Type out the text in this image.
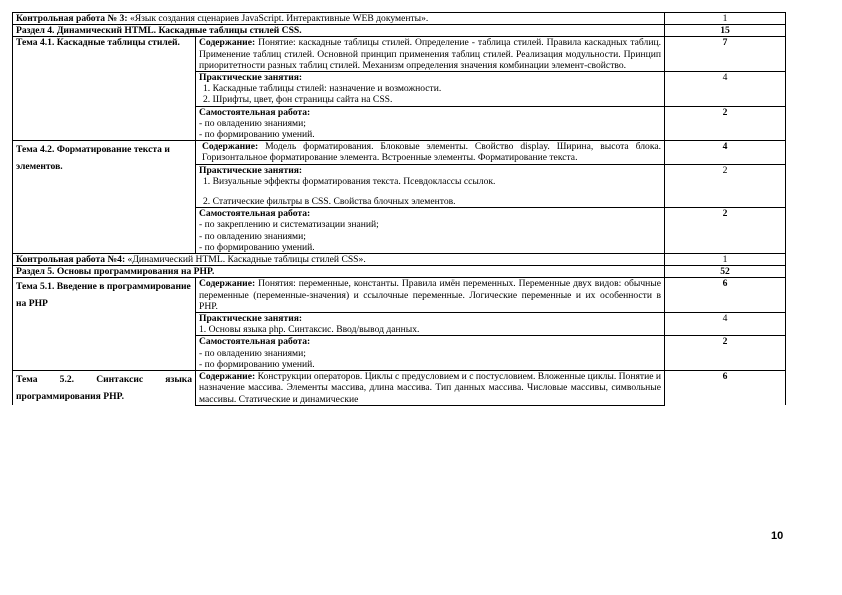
Контрольная работа № 3: «Язык создания сценариев JavaScript. Интерактивные WEB документы».		1
Раздел 4. Динамический HTML. Каскадные таблицы стилей CSS.		15
Тема 4.1. Каскадные таблицы стилей.	Содержание: Понятие: каскадные таблицы стилей. Определение - таблица стилей. Правила каскадных таблиц. Применение таблиц стилей. Основной принцип применения таблиц стилей. Реализация модульности. Принцип приоритетности разных таблиц стилей. Механизм определения значения комбинации элемент-свойство.	7

	Практические занятия:
1. Каскадные таблицы стилей: назначение и возможности.
2. Шрифты, цвет, фон страницы сайта на CSS.	4

	Самостоятельная работа:
- по овладению знаниями;
- по формированию умений.	2
Тема 4.2. Форматирование текста и элементов.	Содержание: Модель форматирования. Блоковые элементы. Свойство display. Ширина, высота блока. Горизонтальное форматирование элемента. Встроенные элементы. Форматирование текста.	4

	Практические занятия:
1. Визуальные эффекты форматирования текста. Псевдоклассы ссылок.
2. Статические фильтры в CSS. Свойства блочных элементов.	2

	Самостоятельная работа:
- по закреплению и систематизации знаний;
- по овладению знаниями;
- по формированию умений.	2
Контрольная работа №4: «Динамический HTML. Каскадные таблицы стилей CSS».		1
Раздел 5. Основы программирования на PHP.		52
Тема 5.1. Введение в программирование на PHP	Содержание: Понятия: переменные, константы. Правила имён переменных. Переменные двух видов: обычные переменные (переменные-значения) и ссылочные переменные. Логические переменные и их особенности в PHP.	6

	Практические занятия:
1. Основы языка php. Синтаксис. Ввод/вывод данных.	4

	Самостоятельная работа:
- по овладению знаниями;
- по формированию умений.	2
Тема 5.2. Синтаксис языка программирования PHP.	Содержание: Конструкции операторов. Циклы с предусловием и с постусловием. Вложенные циклы. Понятие и назначение массива. Элементы массива, длина массива. Тип данных массива. Числовые массивы, символьные массивы. Статические и динамические	6
10
